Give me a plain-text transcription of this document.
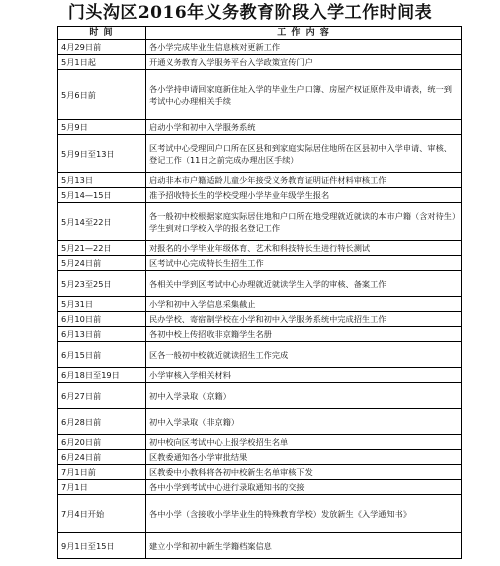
门头沟区2016年义务教育阶段入学工作时间表
时 间	工 作 内 容
4月29日前	各小学完成毕业生信息核对更新工作
5月1日起	开通义务教育入学服务平台入学政策宣传门户
5月6日前	各小学持申请回家庭新住址入学的毕业生户口簿、房屋产权证原件及申请表，统一到考试中心办理相关手续
5月9日	启动小学和初中入学服务系统
5月9日至13日	区考试中心受理回户口所在区县和到家庭实际居住地所在区县初中入学申请、审核、登记工作（11日之前完成办理出区手续）
5月13日	启动非本市户籍适龄儿童少年接受义务教育证明证件材料审核工作
5月14—15日	准予招收特长生的学校受理小学毕业年级学生报名
5月14至22日	各一般初中校根据家庭实际居住地和户口所在地受理就近就读的本市户籍（含对待生）学生到对口学校入学的报名登记工作
5月21—22日	对报名的小学毕业年级体育、艺术和科技特长生进行特长测试
5月24日前	区考试中心完成特长生招生工作
5月23至25日	各相关中学到区考试中心办理就近就读学生入学的审核、备案工作
5月31日	小学和初中入学信息采集截止
6月10日前	民办学校、寄宿制学校在小学和初中入学服务系统中完成招生工作
6月13日前	各初中校上传招收非京籍学生名册
6月15日前	区各一般初中校就近就读招生工作完成
6月18日至19日	小学审核入学相关材料
6月27日前	初中入学录取（京籍）
6月28日前	初中入学录取（非京籍）
6月20日前	初中校向区考试中心上报学校招生名单
6月24日前	区教委通知各小学审批结果
7月1日前	区教委中小教科将各初中校新生名单审核下发
7月1日	各中小学到考试中心进行录取通知书的交接
7月4日开始	各中小学（含接收小学毕业生的特殊教育学校）发放新生《入学通知书》
9月1日至15日	建立小学和初中新生学籍档案信息
